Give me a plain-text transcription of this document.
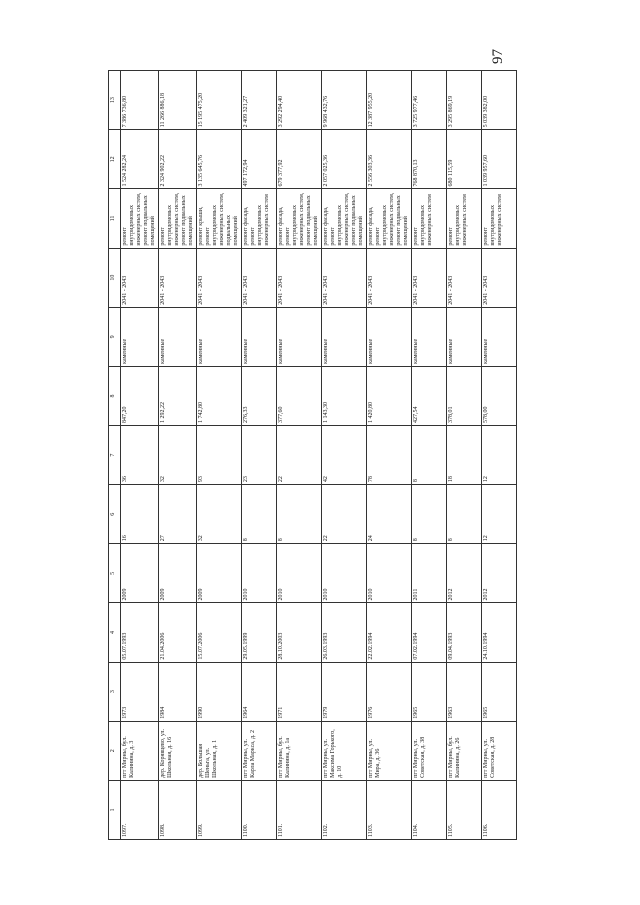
97
1	2	3	4	5	6	7	8	9	10	11	12	13
1097.	пгт Мирны, бул. Калинина, д. 3	1973	05.07.1993	2009	16	36	847,20	каменные	2041 - 2043	ремонт внутридомовых инженерных систем, ремонт подвальных помещений	1 524 282,24	7 386 736,80
1098.	дер. Корявцево, ул. Школьная, д. 16	1984	21.04.2006	2009	27	32	1 292,22	каменные	2041 - 2043	ремонт внутридомовых инженерных систем, ремонт подвальных помещений	2 324 902,22	11 266 886,18
1099.	дер. Большая Шеньга, ул. Школьная, д. 1	1990	15.07.2006	2009	32	93	1 742,80	каменные	2041 - 2043	ремонт крыши, ремонт внутридомовых инженерных систем, подвальных помещений	3 135 645,76	15 195 475,20
1100.	пгт Мирны, ул. Карла Маркса, д. 2	1964	29.05.1999	2010	8	23	276,33	каменные	2041 - 2043	ремонт фасада, ремонт внутридомовых инженерных систем	497 172,94	2 409 321,27
1101.	пгт Мирны, бул. Калинина, д. 1а	1971	28.10.2003	2010	8	22	377,60	каменные	2041 - 2043	ремонт фасада, ремонт внутридомовых инженерных систем, ремонт подвальных помещений	679 377,92	3 292 294,40
1102.	пгт Мирны, ул. Максима Горького, д. 10	1979	26.03.1993	2010	22	42	1 143,30	каменные	2041 - 2043	ремонт фасада, ремонт внутридомовых инженерных систем, ремонт подвальных помещений	2 057 025,36	9 968 432,76
1103.	пгт Мирны, ул. Мира, д. 36	1976	22.02.1994	2010	24	78	1 420,80	каменные	2041 - 2043	ремонт фасада, ремонт внутридомовых инженерных систем, ремонт подвальных помещений	2 556 303,36	12 387 955,20
1104.	пгт Мирны, ул. Советская, д. 38	1965	07.02.1994	2011	8	8	427,54	каменные	2041 - 2043	ремонт внутридомовых инженерных систем	768 870,13	3 725 977,46
1105.	пгт Мирны, бул. Калинина, д. 26	1963	09.04.1993	2012	8	18	378,01	каменные	2041 - 2043	ремонт внутридомовых инженерных систем	680 115,59	3 295 869,19
1106.	пгт Мирны, ул. Советская, д. 28	1965	24.10.1994	2012	12	12	578,00	каменные	2041 - 2043	ремонт внутридомовых инженерных систем	1 039 957,60	5 039 382,00
